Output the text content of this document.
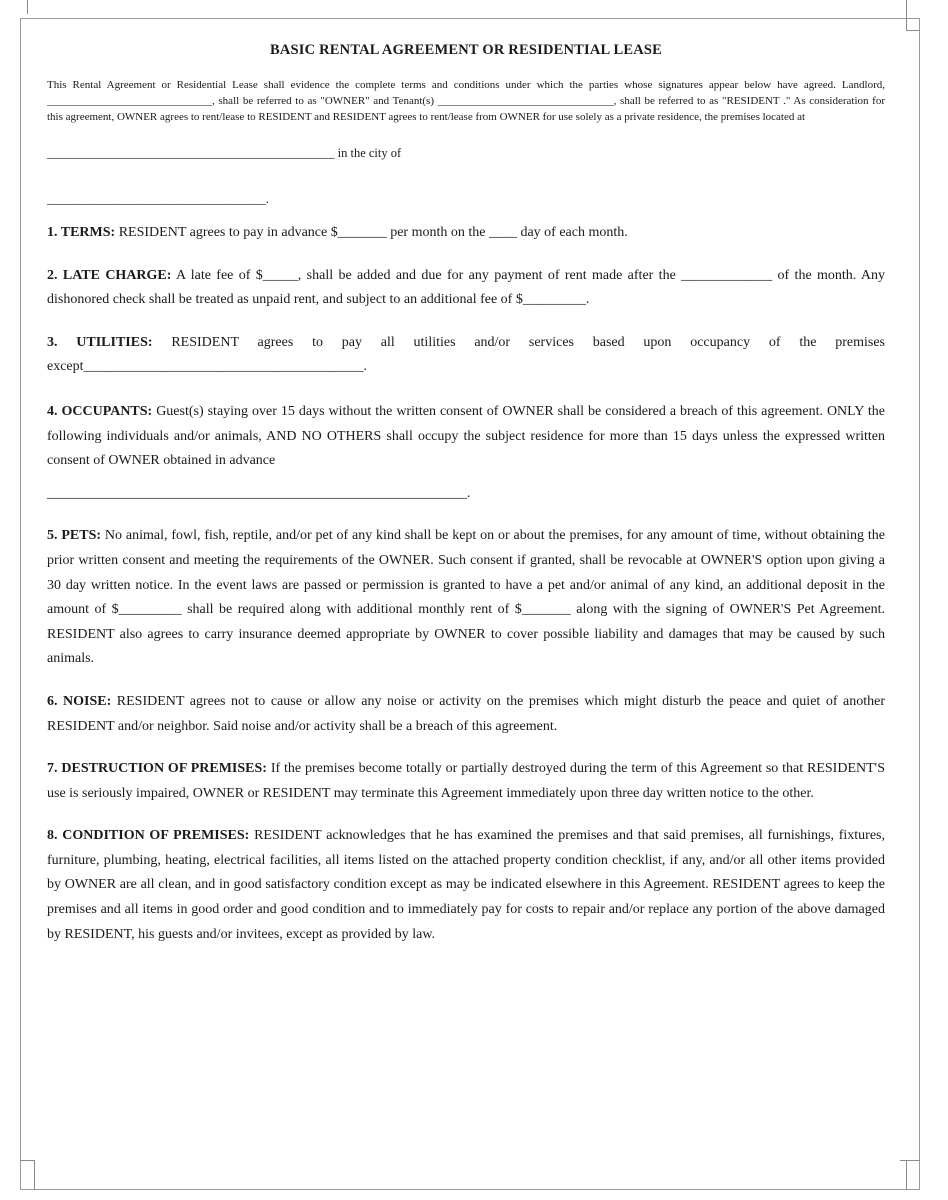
BASIC RENTAL AGREEMENT OR RESIDENTIAL LEASE

This Rental Agreement or Residential Lease shall evidence the complete terms and conditions under which the parties whose signatures appear below have agreed. Landlord, ______________________________, shall be referred to as "OWNER" and Tenant(s) ________________________________, shall be referred to as "RESIDENT ." As consideration for this agreement, OWNER agrees to rent/lease to RESIDENT and RESIDENT agrees to rent/lease from OWNER for use solely as a private residence, the premises located at

______________________________________________ in the city of

___________________________________.

1. TERMS: RESIDENT agrees to pay in advance $_______ per month on the ____ day of each month.

2. LATE CHARGE: A late fee of $_____, shall be added and due for any payment of rent made after the _____________ of the month. Any dishonored check shall be treated as unpaid rent, and subject to an additional fee of $_________.

3. UTILITIES: RESIDENT agrees to pay all utilities and/or services based upon occupancy of the premises except________________________________________.

4. OCCUPANTS: Guest(s) staying over 15 days without the written consent of OWNER shall be considered a breach of this agreement. ONLY the following individuals and/or animals, AND NO OTHERS shall occupy the subject residence for more than 15 days unless the expressed written consent of OWNER obtained in advance

____________________________________________________________.

5. PETS: No animal, fowl, fish, reptile, and/or pet of any kind shall be kept on or about the premises, for any amount of time, without obtaining the prior written consent and meeting the requirements of the OWNER. Such consent if granted, shall be revocable at OWNER'S option upon giving a 30 day written notice. In the event laws are passed or permission is granted to have a pet and/or animal of any kind, an additional deposit in the amount of $_________ shall be required along with additional monthly rent of $_______ along with the signing of OWNER'S Pet Agreement. RESIDENT also agrees to carry insurance deemed appropriate by OWNER to cover possible liability and damages that may be caused by such animals.

6. NOISE: RESIDENT agrees not to cause or allow any noise or activity on the premises which might disturb the peace and quiet of another RESIDENT and/or neighbor. Said noise and/or activity shall be a breach of this agreement.

7. DESTRUCTION OF PREMISES: If the premises become totally or partially destroyed during the term of this Agreement so that RESIDENT'S use is seriously impaired, OWNER or RESIDENT may terminate this Agreement immediately upon three day written notice to the other.

8. CONDITION OF PREMISES: RESIDENT acknowledges that he has examined the premises and that said premises, all furnishings, fixtures, furniture, plumbing, heating, electrical facilities, all items listed on the attached property condition checklist, if any, and/or all other items provided by OWNER are all clean, and in good satisfactory condition except as may be indicated elsewhere in this Agreement. RESIDENT agrees to keep the premises and all items in good order and good condition and to immediately pay for costs to repair and/or replace any portion of the above damaged by RESIDENT, his guests and/or invitees, except as provided by law.
